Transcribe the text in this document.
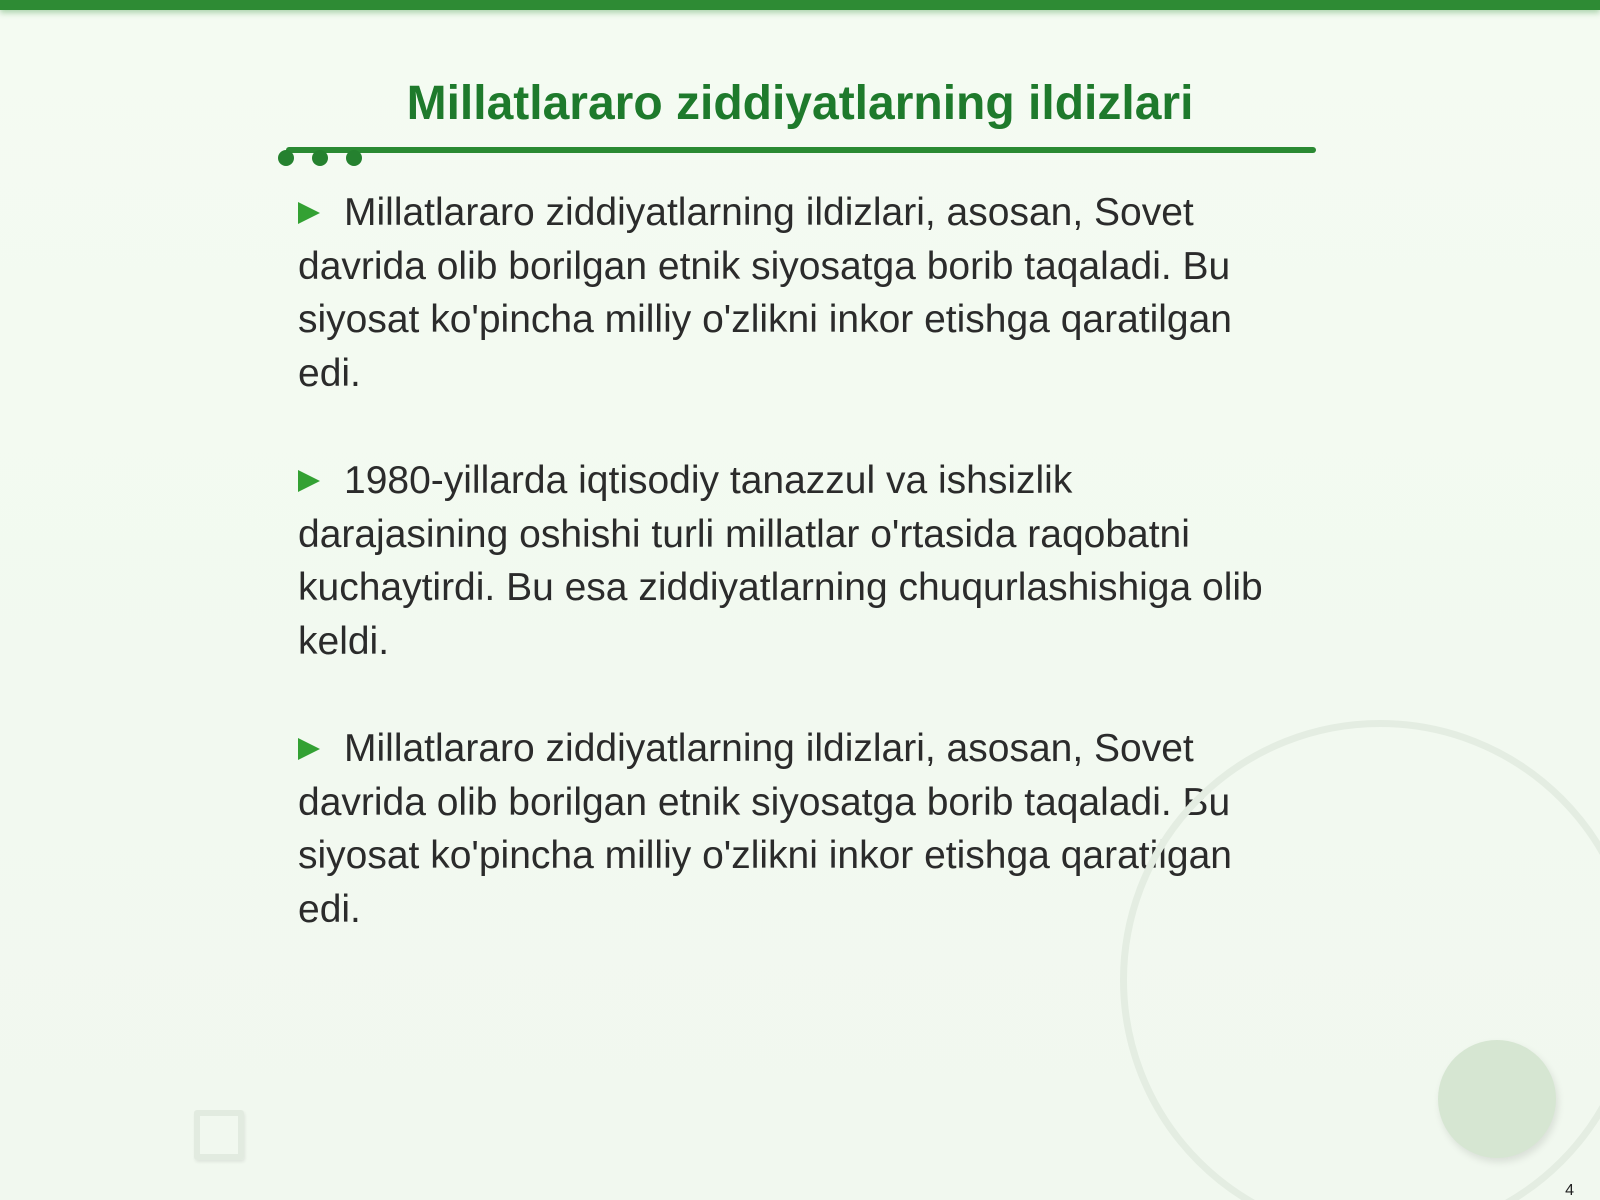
Millatlararo ziddiyatlarning ildizlari

Millatlararo ziddiyatlarning ildizlari, asosan, Sovet davrida olib borilgan etnik siyosatga borib taqaladi. Bu siyosat ko'pincha milliy o'zlikni inkor etishga qaratilgan edi.

1980-yillarda iqtisodiy tanazzul va ishsizlik darajasining oshishi turli millatlar o'rtasida raqobatni kuchaytirdi. Bu esa ziddiyatlarning chuqurlashishiga olib keldi.

Millatlararo ziddiyatlarning ildizlari, asosan, Sovet davrida olib borilgan etnik siyosatga borib taqaladi. Bu siyosat ko'pincha milliy o'zlikni inkor etishga qaratilgan edi.

4
